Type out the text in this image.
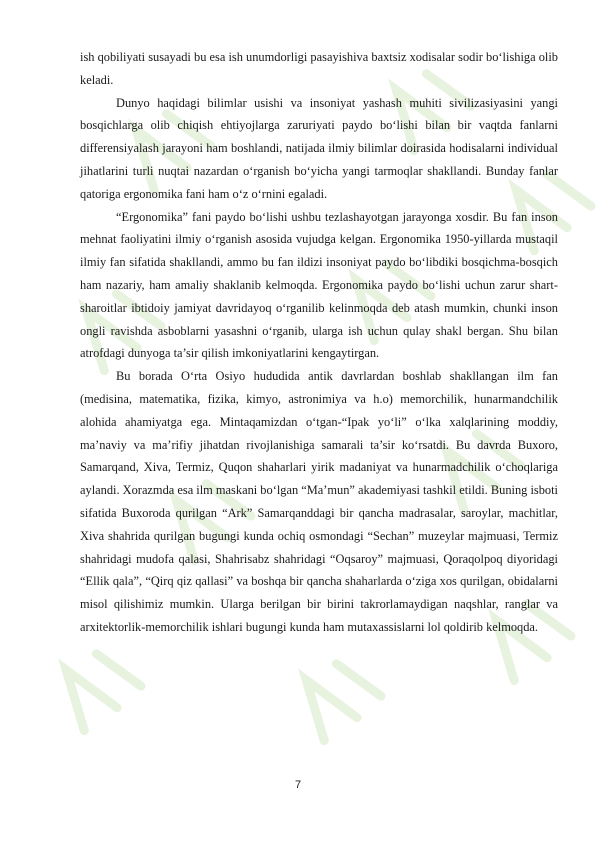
ish qobiliyati susayadi bu esa ish unumdorligi pasayishiva baxtsiz xodisalar sodir bo‘lishiga olib keladi.

Dunyo haqidagi bilimlar usishi va insoniyat yashash muhiti sivilizasiyasini yangi bosqichlarga olib chiqish ehtiyojlarga zaruriyati paydo bo‘lishi bilan bir vaqtda fanlarni differensiyalash jarayoni ham boshlandi, natijada ilmiy bilimlar doirasida hodisalarni individual jihatlarini turli nuqtai nazardan o‘rganish bo‘yicha yangi tarmoqlar shakllandi. Bunday fanlar qatoriga ergonomika fani ham o‘z o‘rnini egaladi.

“Ergonomika” fani paydo bo‘lishi ushbu tezlashayotgan jarayonga xosdir. Bu fan inson mehnat faoliyatini ilmiy o‘rganish asosida vujudga kelgan. Ergonomika 1950-yillarda mustaqil ilmiy fan sifatida shakllandi, ammo bu fan ildizi insoniyat paydo bo‘libdiki bosqichma-bosqich ham nazariy, ham amaliy shaklanib kelmoqda. Ergonomika paydo bo‘lishi uchun zarur shart-sharoitlar ibtidoiy jamiyat davridayoq o‘rganilib kelinmoqda deb atash mumkin, chunki inson ongli ravishda asboblarni yasashni o‘rganib, ularga ish uchun qulay shakl bergan. Shu bilan atrofdagi dunyoga ta’sir qilish imkoniyatlarini kengaytirgan.

Bu borada O‘rta Osiyo hududida antik davrlardan boshlab shakllangan ilm fan (medisina, matematika, fizika, kimyo, astronimiya va h.o) memorchilik, hunarmandchilik alohida ahamiyatga ega. Mintaqamizdan o‘tgan-“Ipak yo‘li” o‘lka xalqlarining moddiy, ma’naviy va ma’rifiy jihatdan rivojlanishiga samarali ta’sir ko‘rsatdi. Bu davrda Buxoro, Samarqand, Xiva, Termiz, Quqon shaharlari yirik madaniyat va hunarmadchilik o‘choqlariga aylandi. Xorazmda esa ilm maskani bo‘lgan “Ma’mun” akademiyasi tashkil etildi. Buning isboti sifatida Buxoroda qurilgan “Ark” Samarqanddagi bir qancha madrasalar, saroylar, machitlar, Xiva shahrida qurilgan bugungi kunda ochiq osmondagi “Sechan” muzeylar majmuasi, Termiz shahridagi mudofa qalasi, Shahrisabz shahridagi “Oqsaroy” majmuasi, Qoraqolpoq diyoridagi “Ellik qala”, “Qirq qiz qallasi” va boshqa bir qancha shaharlarda o‘ziga xos qurilgan, obidalarni misol qilishimiz mumkin. Ularga berilgan bir birini takrorlamaydigan naqshlar, ranglar va arxitektorlik-memorchilik ishlari bugungi kunda ham mutaxassislarni lol qoldirib kelmoqda.

7
